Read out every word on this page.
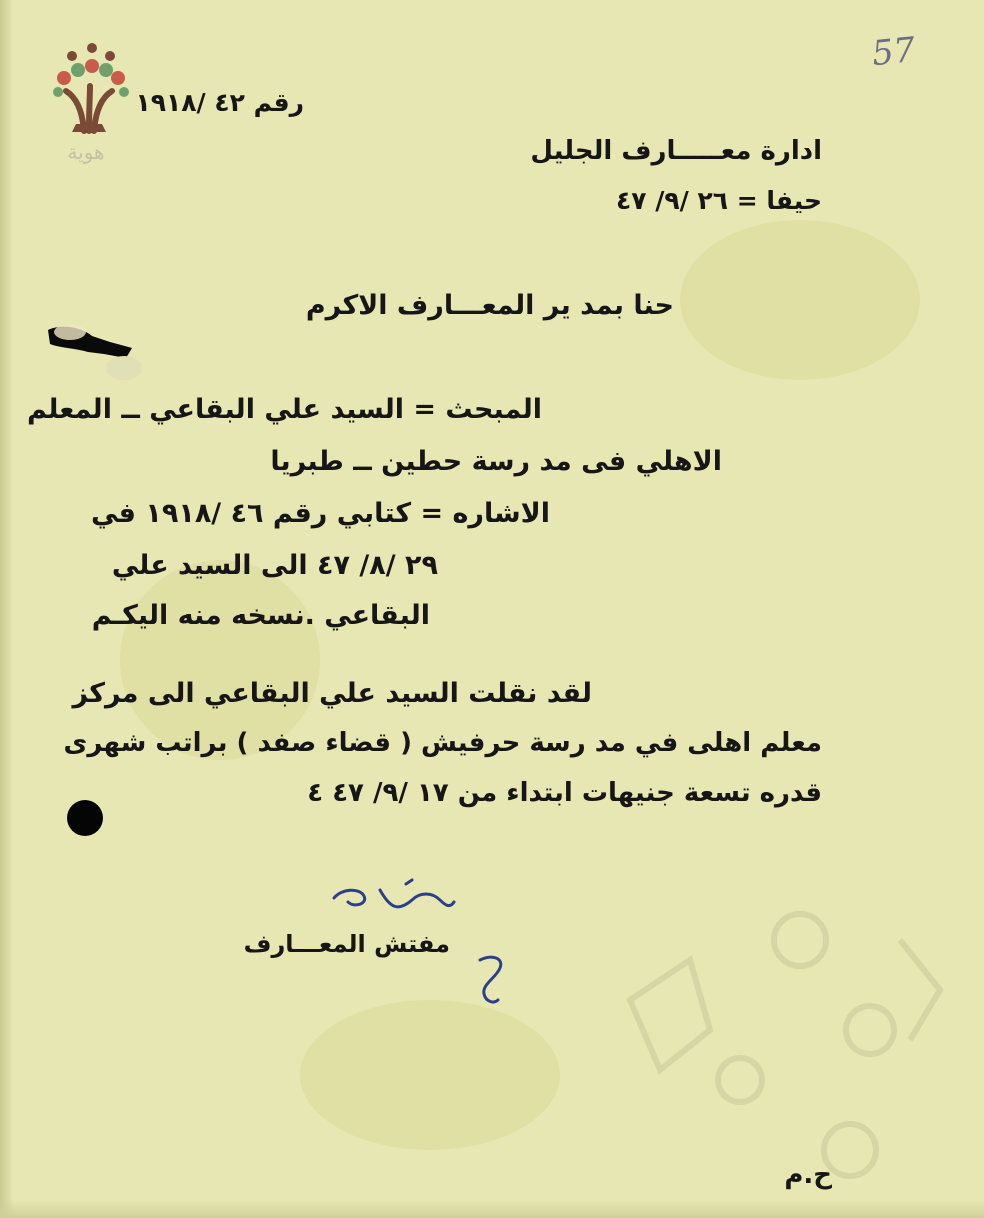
هوية
57
رقم ٤٢ /١٩١٨
ادارة معـــــارف الجليل
حيفا = ٢٦ /٩/ ٤٧
حنا بمد ير المعـــارف الاكرم
المبحث = السيد علي البقاعي ــ المعلم
الاهلي فى مد رسة حطين ــ طبريا
الاشاره = كتابي رقم ٤٦ /١٩١٨ في
٢٩ /٨/ ٤٧ الى السيد علي
البقاعي .نسخه منه اليكـم
لقد نقلت السيد علي البقاعي الى مركز
معلم اهلى في مد رسة حرفيش ( قضاء صفد ) براتب شهرى
قدره تسعة جنيهات ابتداء من ١٧ /٩/ ٤٧ ٤
مفتش المعـــارف
ح.م
